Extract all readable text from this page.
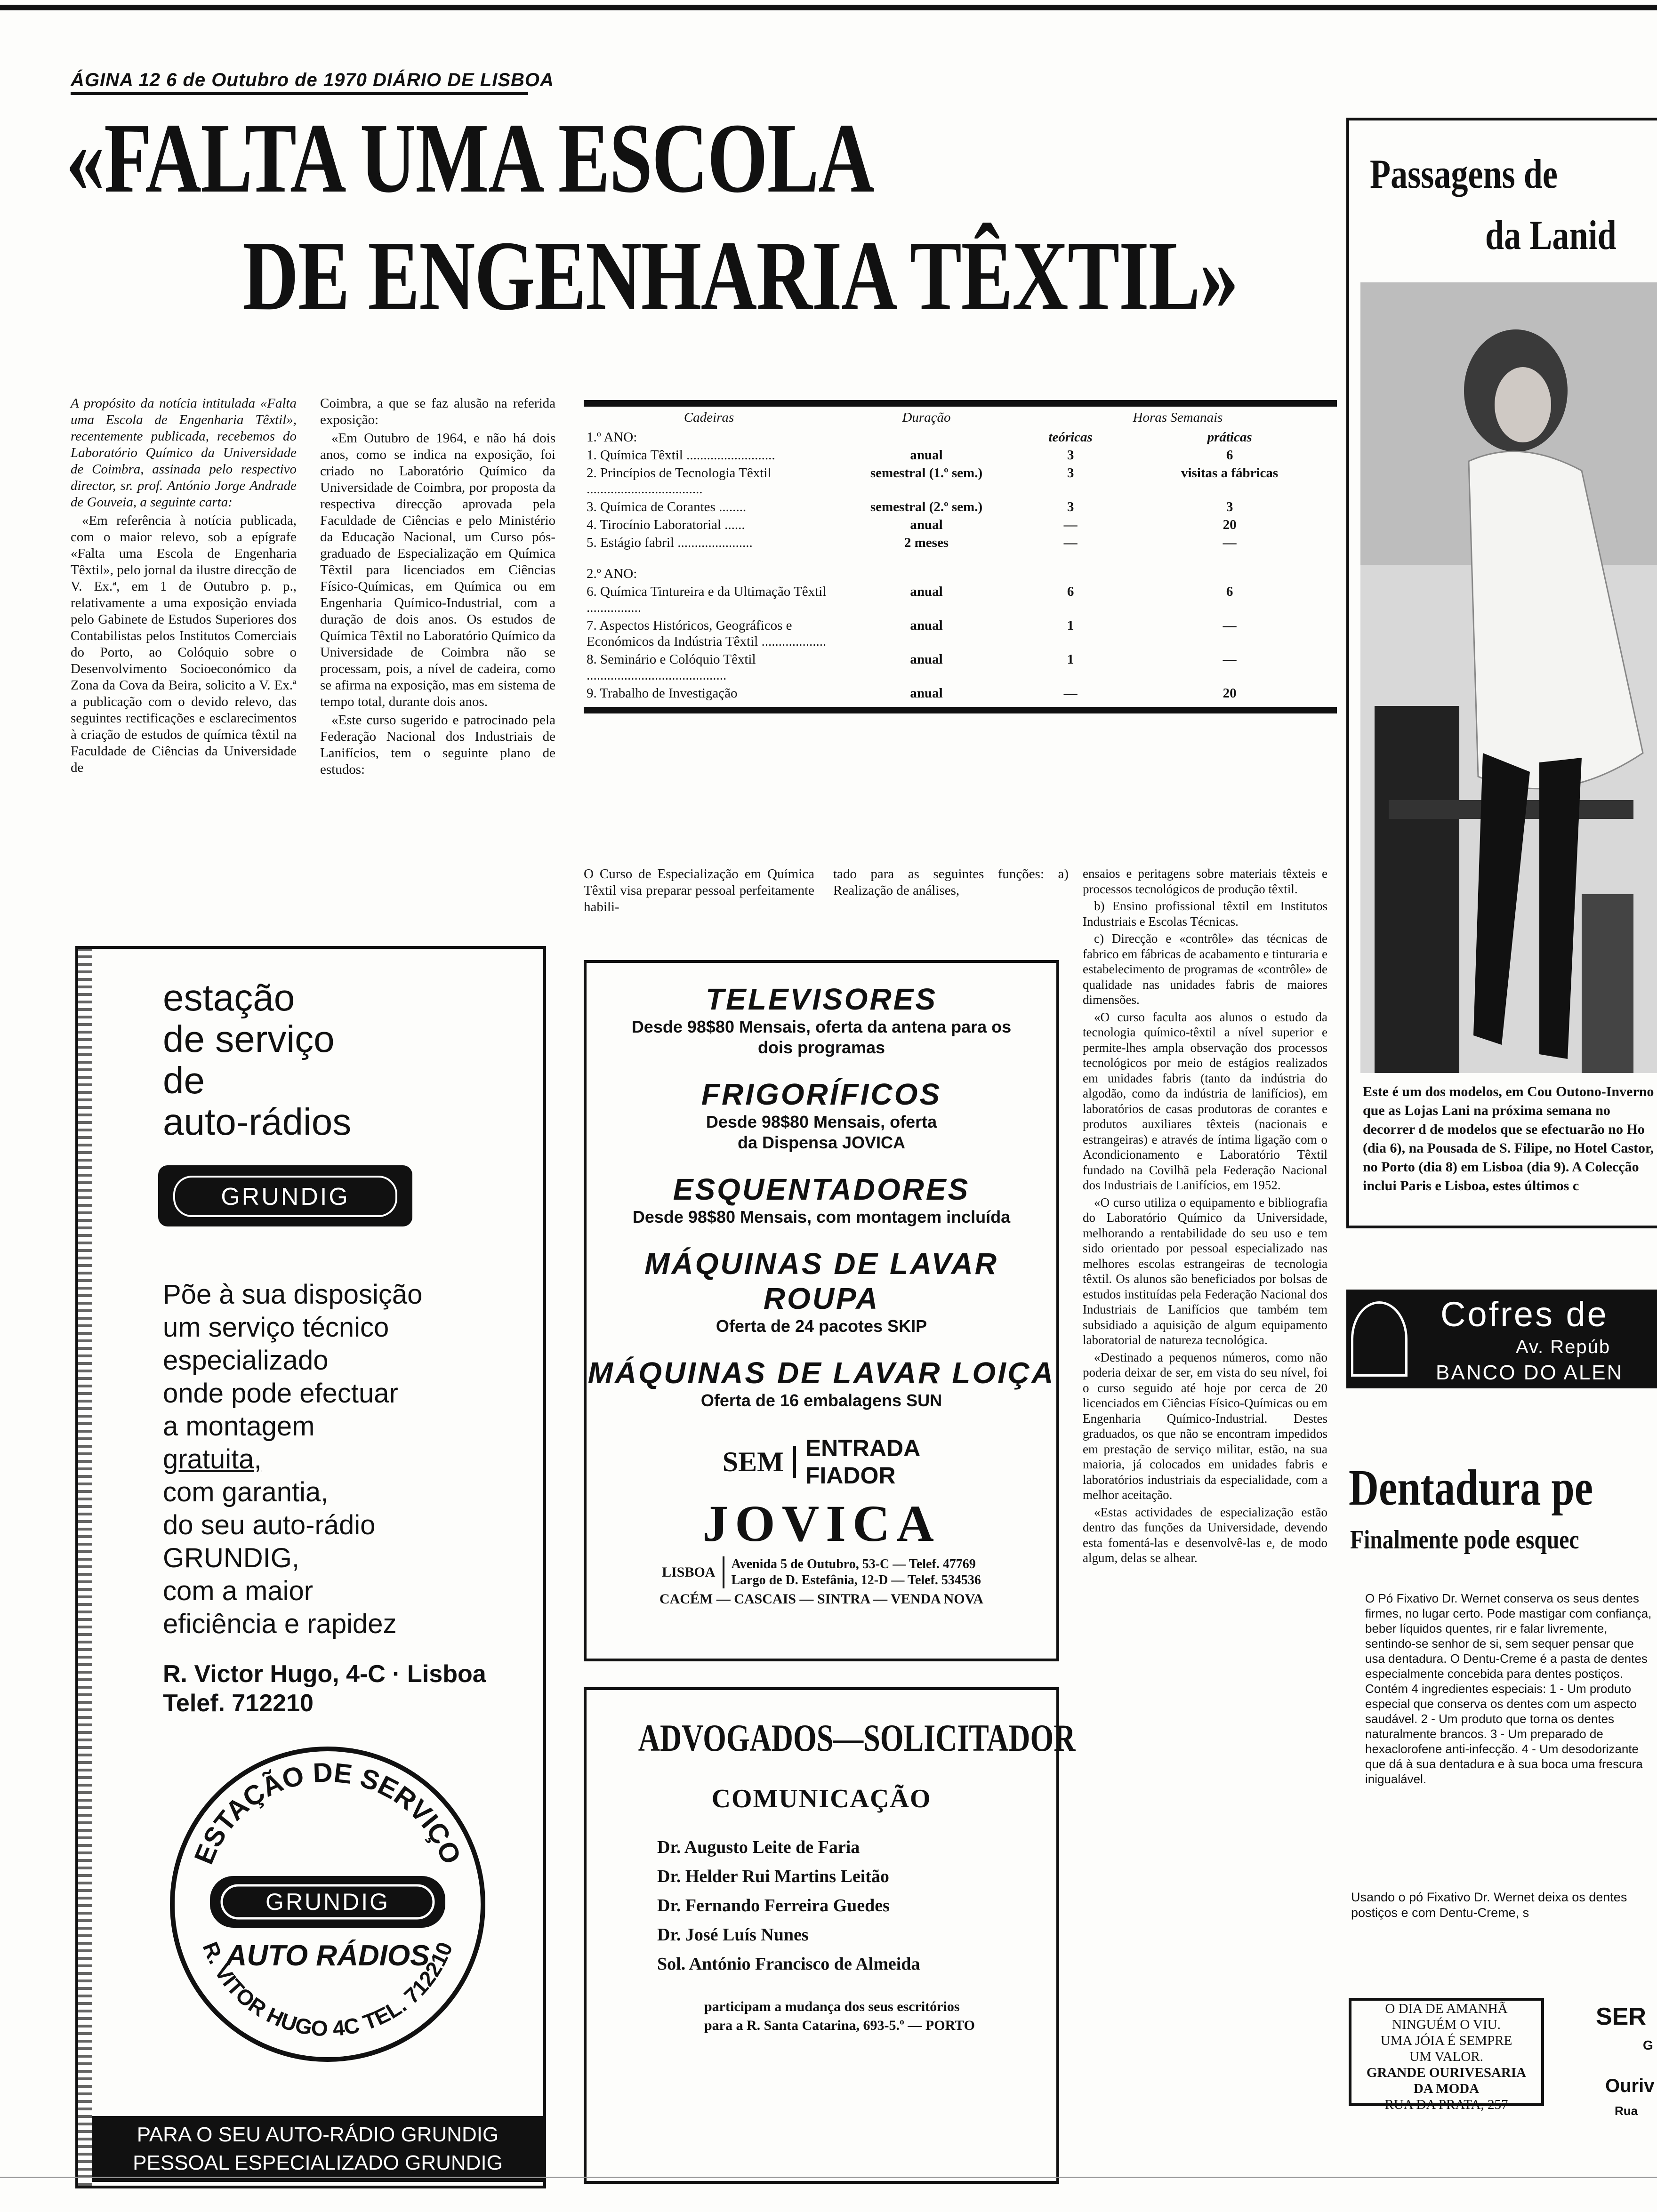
ÁGINA 12 6 de Outubro de 1970 DIÁRIO DE LISBOA
«FALTA UMA ESCOLA
DE ENGENHARIA TÊXTIL»

A propósito da notícia intitulada «Falta uma Escola de Engenharia Têxtil», recentemente publicada, recebemos do Laboratório Químico da Universidade de Coimbra, assinada pelo respectivo director, sr. prof. António Jorge Andrade de Gouveia, a seguinte carta:

«Em referência à notícia publicada, com o maior relevo, sob a epígrafe «Falta uma Escola de Engenharia Têxtil», pelo jornal da ilustre direcção de V. Ex.ª, em 1 de Outubro p. p., relativamente a uma exposição enviada pelo Gabinete de Estudos Superiores dos Contabilistas pelos Institutos Comerciais do Porto, ao Colóquio sobre o Desenvolvimento Socioeconómico da Zona da Cova da Beira, solicito a V. Ex.ª a publicação com o devido relevo, das seguintes rectificações e esclarecimentos à criação de estudos de química têxtil na Faculdade de Ciências da Universidade de

Coimbra, a que se faz alusão na referida exposição:

«Em Outubro de 1964, e não há dois anos, como se indica na exposição, foi criado no Laboratório Químico da Universidade de Coimbra, por proposta da respectiva direcção aprovada pela Faculdade de Ciências e pelo Ministério da Educação Nacional, um Curso pós-graduado de Especialização em Química Têxtil para licenciados em Ciências Físico-Químicas, em Química ou em Engenharia Químico-Industrial, com a duração de dois anos. Os estudos de Química Têxtil no Laboratório Químico da Universidade de Coimbra não se processam, pois, a nível de cadeira, como se afirma na exposição, mas em sistema de tempo total, durante dois anos.

«Este curso sugerido e patrocinado pela Federação Nacional dos Industriais de Lanifícios, tem o seguinte plano de estudos:

Cadeiras	Duração	Horas Semanais	
1.º ANO:		teóricas	práticas
1. Química Têxtil ..........................	anual	3	6
2. Princípios de Tecnologia Têxtil ..................................	semestral (1.º sem.)	3	visitas a fábricas
3. Química de Corantes ........	semestral (2.º sem.)	3	3
4. Tirocínio Laboratorial ......	anual	—	20
5. Estágio fabril ......................	2 meses	—	—
2.º ANO:			
6. Química Tintureira e da Ultimação Têxtil ................	anual	6	6
7. Aspectos Históricos, Geográficos e Económicos da Indústria Têxtil ...................	anual	1	—
8. Seminário e Colóquio Têxtil .........................................	anual	1	—
9. Trabalho de Investigação	anual	—	20
O Curso de Especialização em Química Têxtil visa preparar pessoal perfeitamente habili-
tado para as seguintes funções: a) Realização de análises,

ensaios e peritagens sobre materiais têxteis e processos tecnológicos de produção têxtil.

b) Ensino profissional têxtil em Institutos Industriais e Escolas Técnicas.

c) Direcção e «contrôle» das técnicas de fabrico em fábricas de acabamento e tinturaria e estabelecimento de programas de «contrôle» de qualidade nas unidades fabris de maiores dimensões.

«O curso faculta aos alunos o estudo da tecnologia químico-têxtil a nível superior e permite-lhes ampla observação dos processos tecnológicos por meio de estágios realizados em unidades fabris (tanto da indústria do algodão, como da indústria de lanifícios), em laboratórios de casas produtoras de corantes e produtos auxiliares têxteis (nacionais e estrangeiras) e através de íntima ligação com o Acondicionamento e Laboratório Têxtil fundado na Covilhã pela Federação Nacional dos Industriais de Lanifícios, em 1952.

«O curso utiliza o equipamento e bibliografia do Laboratório Químico da Universidade, melhorando a rentabilidade do seu uso e tem sido orientado por pessoal especializado nas melhores escolas estrangeiras de tecnologia têxtil. Os alunos são beneficiados por bolsas de estudos instituídas pela Federação Nacional dos Industriais de Lanifícios que também tem subsidiado a aquisição de algum equipamento laboratorial de natureza tecnológica.

«Destinado a pequenos números, como não poderia deixar de ser, em vista do seu nível, foi o curso seguido até hoje por cerca de 20 licenciados em Ciências Físico-Químicas ou em Engenharia Químico-Industrial. Destes graduados, os que não se encontram impedidos em prestação de serviço militar, estão, na sua maioria, já colocados em unidades fabris e laboratórios industriais da especialidade, com a melhor aceitação.

«Estas actividades de especialização estão dentro das funções da Universidade, devendo esta fomentá-las e desenvolvê-las e, de modo algum, delas se alhear.

estação
de serviço
de
auto-rádios
GRUNDIG
Põe à sua disposição
um serviço técnico
especializado
onde pode efectuar
a montagem
gratuita,
com garantia,
do seu auto-rádio
GRUNDIG,
com a maior
eficiência e rapidez
R. Victor Hugo, 4-C · Lisboa
Telef. 712210
ESTAÇÃO DE SERVIÇO
GRUNDIG
AUTO RÁDIOS
R. VITOR HUGO 4C TEL. 712210
PARA O SEU AUTO-RÁDIO GRUNDIG
PESSOAL ESPECIALIZADO GRUNDIG
TELEVISORES
Desde 98$80 Mensais, oferta da antena para os dois programas
FRIGORÍFICOS
Desde 98$80 Mensais, oferta da Dispensa JOVICA
ESQUENTADORES
Desde 98$80 Mensais, com montagem incluída
MÁQUINAS DE LAVAR ROUPA
Oferta de 24 pacotes SKIP
MÁQUINAS DE LAVAR LOIÇA
Oferta de 16 embalagens SUN
SEM ENTRADA
FIADOR
JOVICA
LISBOA
Avenida 5 de Outubro, 53-C — Telef. 47769
Largo de D. Estefânia, 12-D — Telef. 534536
CACÉM — CASCAIS — SINTRA — VENDA NOVA
ADVOGADOS—SOLICITADOR
COMUNICAÇÃO
Dr. Augusto Leite de Faria
Dr. Helder Rui Martins Leitão
Dr. Fernando Ferreira Guedes
Dr. José Luís Nunes
Sol. António Francisco de Almeida
participam a mudança dos seus escritórios
para a R. Santa Catarina, 693-5.º — PORTO
Passagens de
da Lanid
Este é um dos modelos, em Cou Outono-Inverno que as Lojas Lani na próxima semana no decorrer d de modelos que se efectuarão no Ho (dia 6), na Pousada de S. Filipe, no Hotel Castor, no Porto (dia 8) em Lisboa (dia 9). A Colecção inclui Paris e Lisboa, estes últimos c
Cofres de
Av. Repúb
BANCO DO ALEN
Dentadura pe
Finalmente pode esquec
O Pó Fixativo Dr. Wernet conserva os seus dentes firmes, no lugar certo. Pode mastigar com confiança, beber líquidos quentes, rir e falar livremente, sentindo-se senhor de si, sem sequer pensar que usa dentadura. O Dentu-Creme é a pasta de dentes especialmente concebida para dentes postiços. Contém 4 ingredientes especiais: 1 - Um produto especial que conserva os dentes com um aspecto saudável. 2 - Um produto que torna os dentes naturalmente brancos. 3 - Um preparado de hexaclorofene anti-infecção. 4 - Um desodorizante que dá à sua dentadura e à sua boca uma frescura inigualável.
Usando o pó Fixativo Dr. Wernet deixa os dentes postiços e com Dentu-Creme, s
O DIA DE AMANHÃ
NINGUÉM O VIU.
UMA JÓIA É SEMPRE
UM VALOR.
GRANDE OURIVESARIA
DA MODA
RUA DA PRATA, 257
SER
G
Ouriv
Rua
